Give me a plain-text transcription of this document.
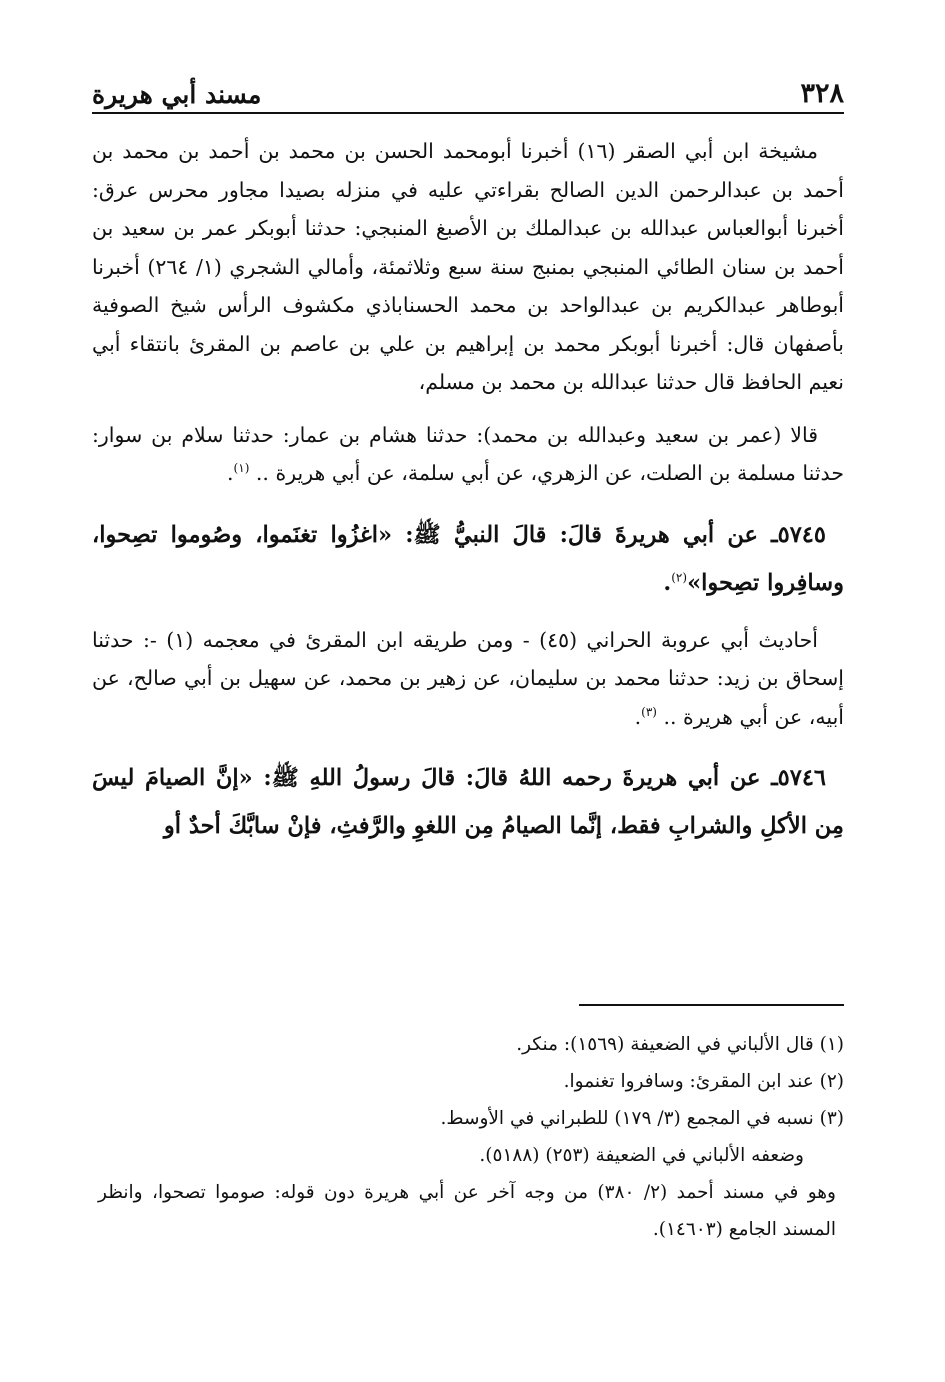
٣٢٨
مسند أبي هريرة

مشيخة ابن أبي الصقر (١٦) أخبرنا أبومحمد الحسن بن محمد بن أحمد بن محمد بن أحمد بن عبدالرحمن الدين الصالح بقراءتي عليه في منزله بصيدا مجاور محرس عرق: أخبرنا أبوالعباس عبدالله بن عبدالملك بن الأصبغ المنبجي: حدثنا أبوبكر عمر بن سعيد بن أحمد بن سنان الطائي المنبجي بمنبج سنة سبع وثلاثمئة، وأمالي الشجري (١/ ٢٦٤) أخبرنا أبوطاهر عبدالكريم بن عبدالواحد بن محمد الحسناباذي مكشوف الرأس شيخ الصوفية بأصفهان قال: أخبرنا أبوبكر محمد بن إبراهيم بن علي بن عاصم بن المقرئ بانتقاء أبي نعيم الحافظ قال حدثنا عبدالله بن محمد بن مسلم،

قالا (عمر بن سعيد وعبدالله بن محمد): حدثنا هشام بن عمار: حدثنا سلام بن سوار: حدثنا مسلمة بن الصلت، عن الزهري، عن أبي سلمة، عن أبي هريرة .. $^{(١)}$.

٥٧٤٥ـ عن أبي هريرةَ قالَ: قالَ النبيُّ ﷺ: «اغزُوا تغنَموا، وصُوموا تصِحوا، وسافِروا تصِحوا»$^{(٢)}$.

أحاديث أبي عروبة الحراني (٤٥) - ومن طريقه ابن المقرئ في معجمه (١) -: حدثنا إسحاق بن زيد: حدثنا محمد بن سليمان، عن زهير بن محمد، عن سهيل بن أبي صالح، عن أبيه، عن أبي هريرة .. $^{(٣)}$.

٥٧٤٦ـ عن أبي هريرةَ رحمه اللهُ قالَ: قالَ رسولُ اللهِ ﷺ: «إنَّ الصيامَ ليسَ مِن الأكلِ والشرابِ فقط، إنَّما الصيامُ مِن اللغوِ والرَّفثِ، فإنْ سابَّكَ أحدٌ أو

(١) قال الألباني في الضعيفة (١٥٦٩): منكر.

(٢) عند ابن المقرئ: وسافروا تغنموا.

(٣) نسبه في المجمع (٣/ ١٧٩) للطبراني في الأوسط.

وضعفه الألباني في الضعيفة (٢٥٣) (٥١٨٨).

وهو في مسند أحمد (٢/ ٣٨٠) من وجه آخر عن أبي هريرة دون قوله: صوموا تصحوا، وانظر المسند الجامع (١٤٦٠٣).
